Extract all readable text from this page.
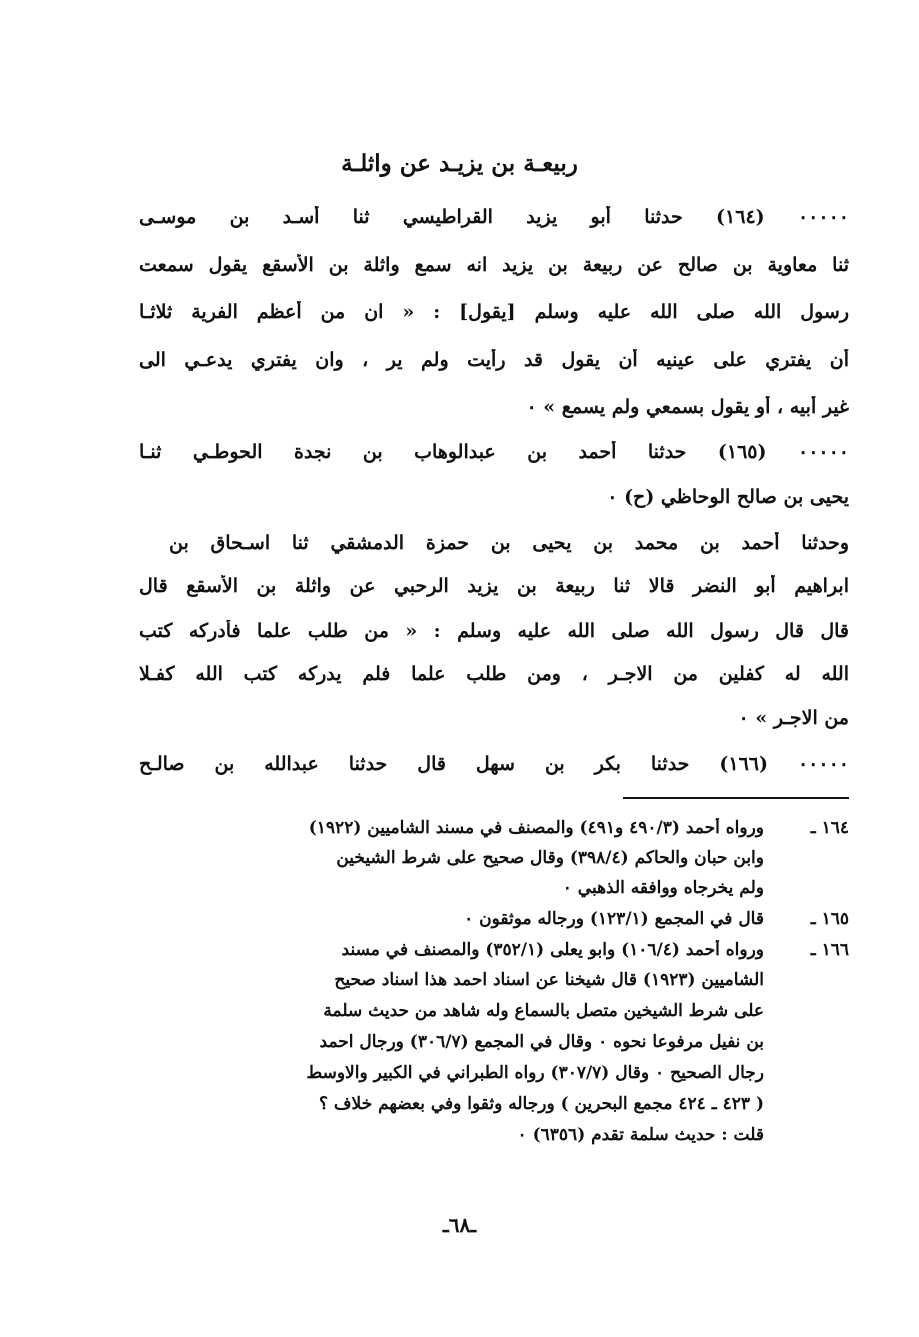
ربيعـة بن يزيـد عن واثلـة
٠٠٠٠٠ (١٦٤) حدثنا أبو يزيد القراطيسي ثنا أسـد بن موسـى
ثنا معاوية بن صالح عن ربيعة بن يزيد انه سمع واثلة بن الأسقع يقول سمعت
رسول الله صلى الله عليه وسلم [يقول] : « ان من أعظم الفرية ثلاثـا
أن يفتري على عينيه أن يقول قد رأيت ولم ير ، وان يفتري يدعـي الى
غير أبيه ، أو يقول بسمعي ولم يسمع » ٠
٠٠٠٠٠ (١٦٥) حدثنا أحمد بن عبدالوهاب بن نجدة الحوطـي ثنـا
يحيى بن صالح الوحاظي (ح) ٠
وحدثنا أحمد بن محمد بن يحيى بن حمزة الدمشقي ثنا اسـحاق بن
ابراهيم أبو النضر قالا ثنا ربيعة بن يزيد الرحبي عن واثلة بن الأسقع قال
قال قال رسول الله صلى الله عليه وسلم : « من طلب علما فأدركه كتب
الله له كفلين من الاجـر ، ومن طلب علما فلم يدركه كتب الله كفـلا
من الاجـر » ٠
٠٠٠٠٠ (١٦٦) حدثنا بكر بن سهل قال حدثنا عبدالله بن صالـح
١٦٤ ـورواه أحمد (٤٩٠/٣ و٤٩١) والمصنف في مسند الشاميين (١٩٢٢)
وابن حبان والحاكم (٣٩٨/٤) وقال صحيح على شرط الشيخين
ولم يخرجاه ووافقه الذهبي ٠
١٦٥ ـقال في المجمع (١٢٣/١) ورجاله موثقون ٠
١٦٦ ـورواه أحمد (١٠٦/٤) وابو يعلى (٣٥٢/١) والمصنف في مسند
الشاميين (١٩٢٣) قال شيخنا عن اسناد احمد هذا اسناد صحيح
على شرط الشيخين متصل بالسماع وله شاهد من حديث سلمة
بن نفيل مرفوعا نحوه ٠ وقال في المجمع (٣٠٦/٧) ورجال احمد
رجال الصحيح ٠ وقال (٣٠٧/٧) رواه الطبراني في الكبير والاوسط
( ٤٢٣ ـ ٤٢٤ مجمع البحرين ) ورجاله وثقوا وفي بعضهم خلاف ؟
قلت : حديث سلمة تقدم (٦٣٥٦) ٠
ـ٦٨ـ
